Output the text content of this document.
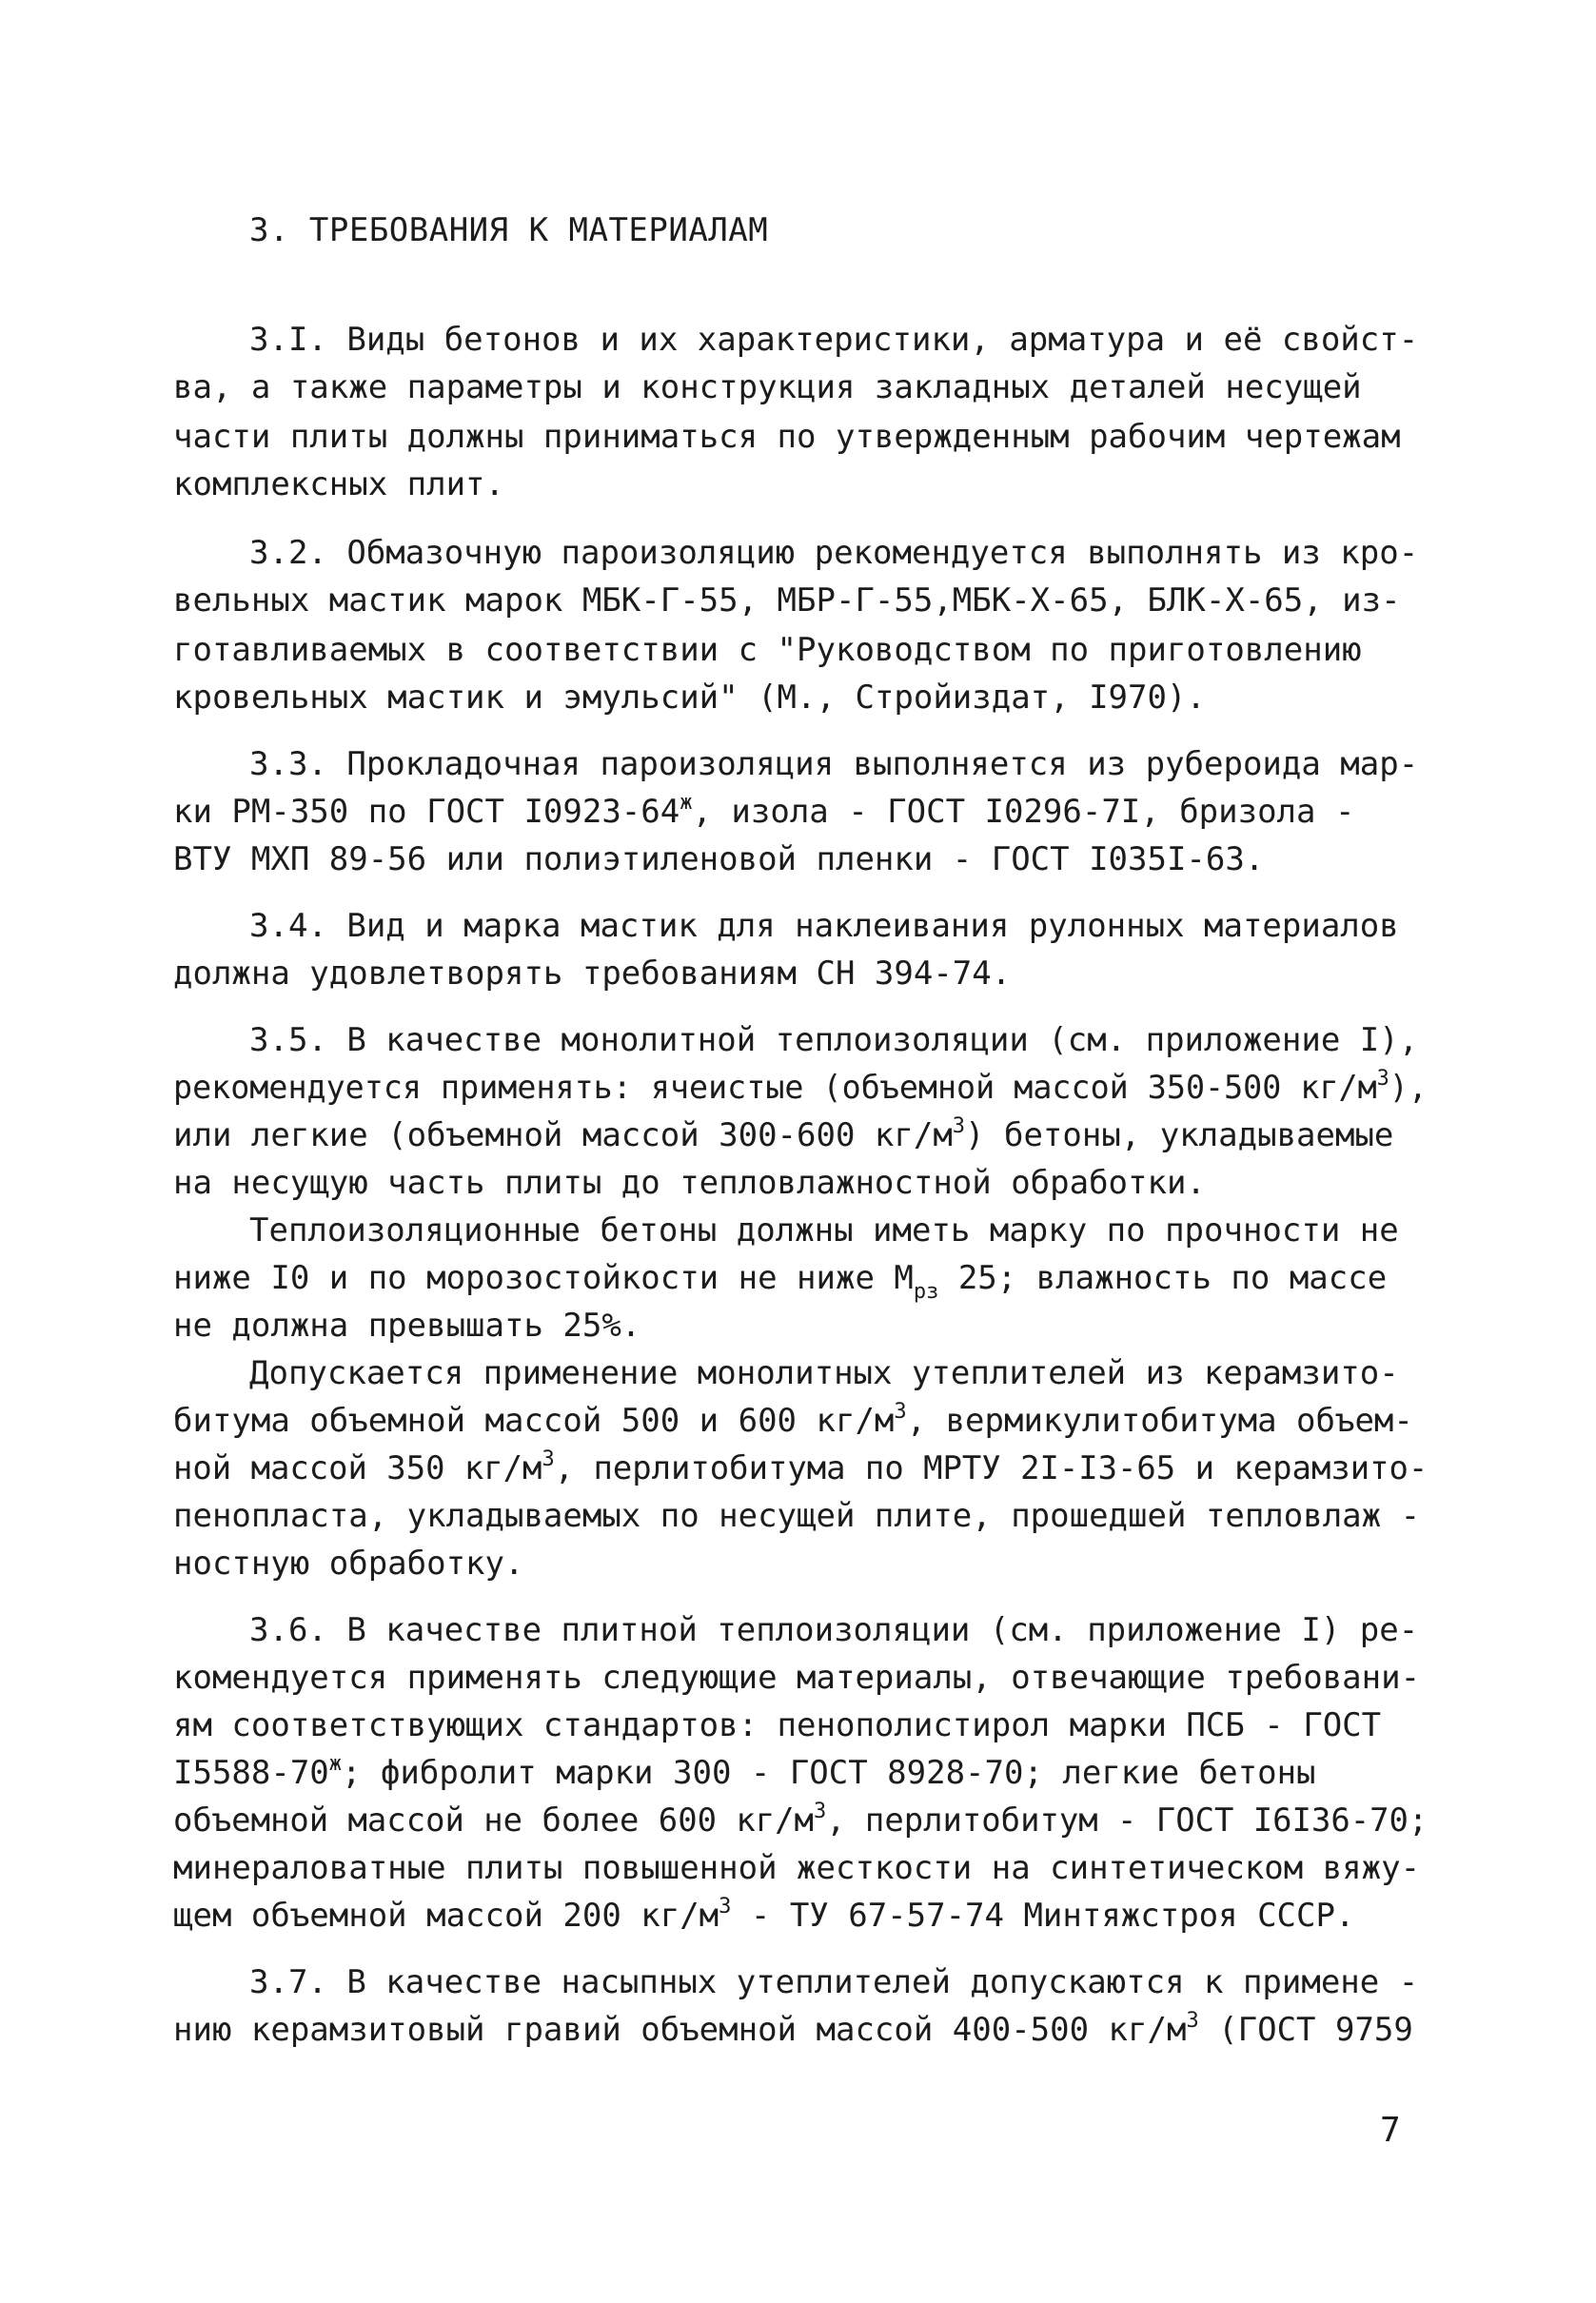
3. ТРЕБОВАНИЯ К МАТЕРИАЛАМ
3.I. Виды бетонов и их характеристики, арматура и её свойст-
ва, а также параметры и конструкция закладных деталей несущей
части плиты должны приниматься по утвержденным рабочим чертежам
комплексных плит.
3.2. Обмазочную пароизоляцию рекомендуется выполнять из кро-
вельных мастик марок МБК-Г-55, МБР-Г-55,МБК-Х-65, БЛК-Х-65, из-
готавливаемых в соответствии с "Руководством по приготовлению
кровельных мастик и эмульсий" (М., Стройиздат, I970).
3.3. Прокладочная пароизоляция выполняется из рубероида мар-
ки РМ-350 по ГОСТ $I0923-64^ж$, изола - ГОСТ I0296-7I, бризола -
ВТУ МХП 89-56 или полиэтиленовой пленки - ГОСТ I035I-63.
3.4. Вид и марка мастик для наклеивания рулонных материалов
должна удовлетворять требованиям СН 394-74.
3.5. В качестве монолитной теплоизоляции (см. приложение I),
рекомендуется применять: ячеистые (объемной массой 350-500 $кг/м^3$),
или легкие (объемной массой 300-600 $кг/м^3$) бетоны, укладываемые
на несущую часть плиты до тепловлажностной обработки.
Теплоизоляционные бетоны должны иметь марку по прочности не
ниже I0 и по морозостойкости не ниже $М_{рз}$ 25; влажность по массе
не должна превышать 25%.
Допускается применение монолитных утеплителей из керамзито-
битума объемной массой 500 и 600 $кг/м^3$, вермикулитобитума объем-
ной массой 350 $кг/м^3$, перлитобитума по МРТУ 2I-I3-65 и керамзито-
пенопласта, укладываемых по несущей плите, прошедшей тепловлаж -
ностную обработку.
3.6. В качестве плитной теплоизоляции (см. приложение I) ре-
комендуется применять следующие материалы, отвечающие требовани-
ям соответствующих стандартов: пенополистирол марки ПСБ - ГОСТ
$I5588-70^ж$; фибролит марки 300 - ГОСТ 8928-70; легкие бетоны
объемной массой не более 600 $кг/м^3$, перлитобитум - ГОСТ I6I36-70;
минераловатные плиты повышенной жесткости на синтетическом вяжу-
щем объемной массой 200 $кг/м^3$ - ТУ 67-57-74 Минтяжстроя СССР.
3.7. В качестве насыпных утеплителей допускаются к примене -
нию керамзитовый гравий объемной массой 400-500 $кг/м^3$ (ГОСТ 9759
7
